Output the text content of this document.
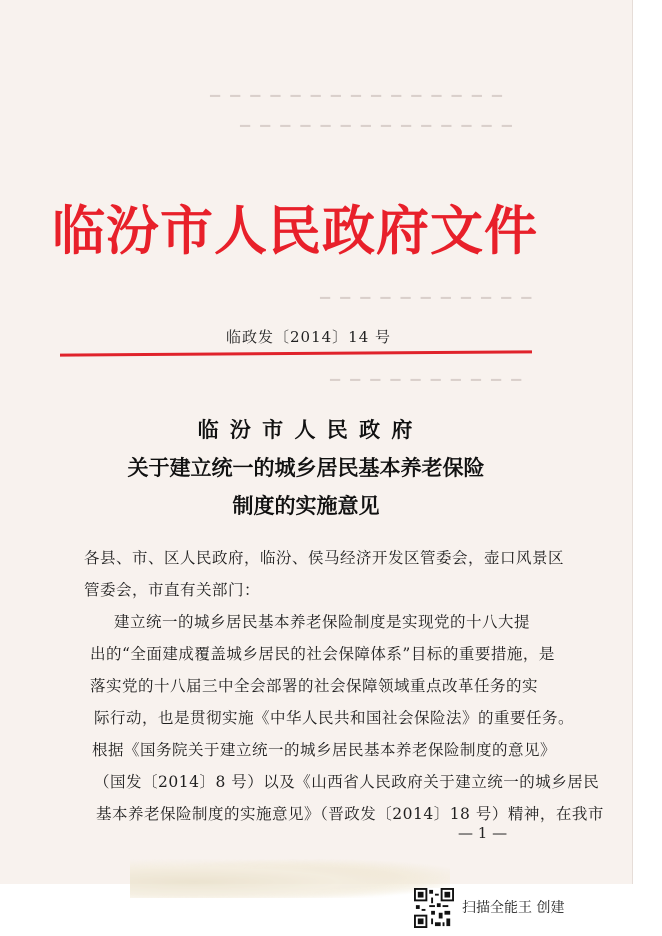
▔ ▔ ▔ ▔ ▔ ▔ ▔ ▔ ▔ ▔ ▔ ▔ ▔ ▔ ▔
▔ ▔ ▔ ▔ ▔ ▔ ▔ ▔ ▔ ▔ ▔ ▔ ▔ ▔
▔ ▔ ▔ ▔ ▔ ▔ ▔ ▔ ▔ ▔ ▔
▔ ▔ ▔ ▔ ▔ ▔ ▔ ▔ ▔ ▔
临汾市人民政府文件
临政发〔2014〕14 号
临 汾 市 人 民 政 府
关于建立统一的城乡居民基本养老保险
制度的实施意见
各县、市、区人民政府，临汾、侯马经济开发区管委会，壶口风景区
管委会，市直有关部门：
建立统一的城乡居民基本养老保险制度是实现党的十八大提
出的“全面建成覆盖城乡居民的社会保障体系”目标的重要措施，是
落实党的十八届三中全会部署的社会保障领域重点改革任务的实
际行动，也是贯彻实施《中华人民共和国社会保险法》的重要任务。
根据《国务院关于建立统一的城乡居民基本养老保险制度的意见》
（国发〔2014〕8 号）以及《山西省人民政府关于建立统一的城乡居民
基本养老保险制度的实施意见》（晋政发〔2014〕18 号）精神，在我市
— 1 —
扫描全能王 创建
